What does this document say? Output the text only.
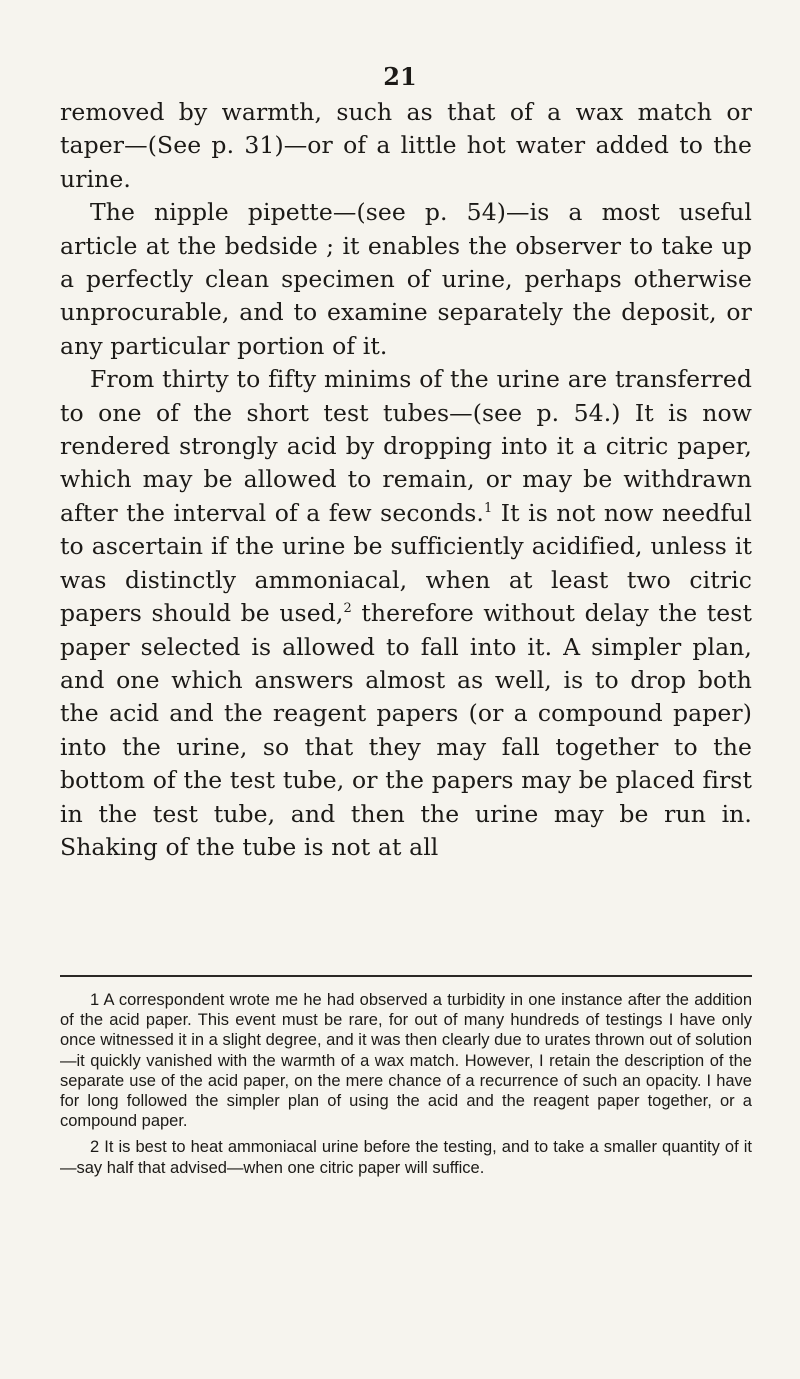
21

removed by warmth, such as that of a wax match or taper—(See p. 31)—or of a little hot water added to the urine.

The nipple pipette—(see p. 54)—is a most useful article at the bedside ; it enables the observer to take up a perfectly clean specimen of urine, perhaps otherwise unprocurable, and to examine separately the deposit, or any particular portion of it.

From thirty to fifty minims of the urine are transferred to one of the short test tubes—(see p. 54.) It is now rendered strongly acid by dropping into it a citric paper, which may be allowed to remain, or may be withdrawn after the interval of a few seconds.$^1$ It is not now needful to ascertain if the urine be sufficiently acidified, unless it was distinctly ammoniacal, when at least two citric papers should be used,$^2$ therefore without delay the test paper selected is allowed to fall into it. A simpler plan, and one which answers almost as well, is to drop both the acid and the reagent papers (or a compound paper) into the urine, so that they may fall together to the bottom of the test tube, or the papers may be placed first in the test tube, and then the urine may be run in. Shaking of the tube is not at all

1 A correspondent wrote me he had observed a turbidity in one instance after the addition of the acid paper. This event must be rare, for out of many hundreds of testings I have only once witnessed it in a slight degree, and it was then clearly due to urates thrown out of solution—it quickly vanished with the warmth of a wax match. However, I retain the description of the separate use of the acid paper, on the mere chance of a recurrence of such an opacity. I have for long followed the simpler plan of using the acid and the reagent paper together, or a compound paper.

2 It is best to heat ammoniacal urine before the testing, and to take a smaller quantity of it—say half that advised—when one citric paper will suffice.
